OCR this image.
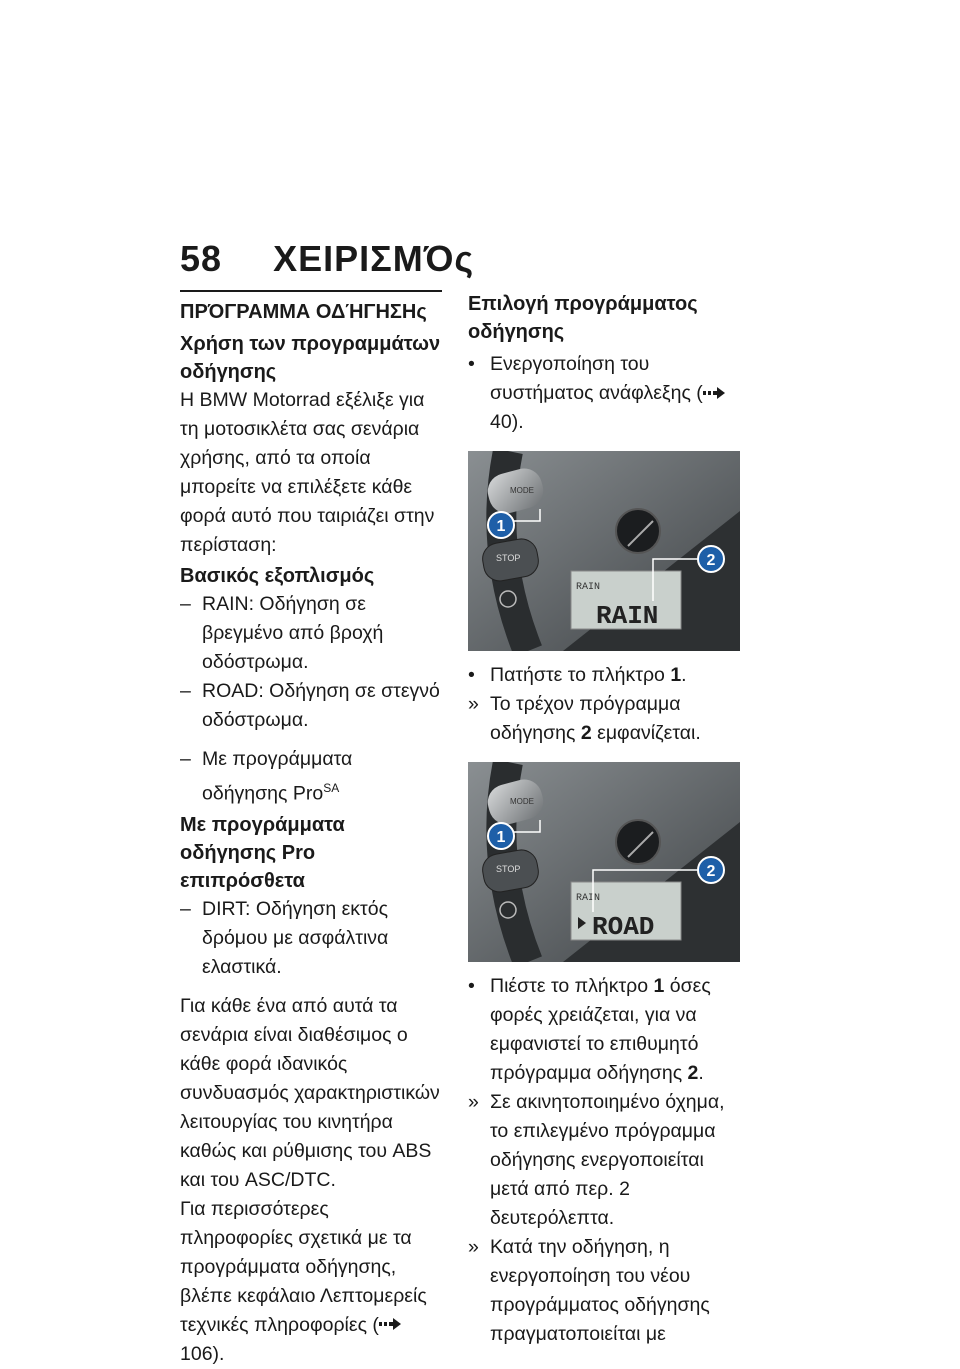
58 ΧΕΙΡΙΣΜΌς
ΠΡΌΓΡΑΜΜΑ ΟΔΉΓΗΣΗς
Χρήση των προγραμμάτων οδήγησης

Η BMW Motorrad εξέλιξε για τη μοτοσικλέτα σας σενάρια χρήσης, από τα οποία μπορείτε να επιλέξετε κάθε φορά αυτό που ταιριάζει στην περίσταση:

Βασικός εξοπλισμός
– RAIN: Οδήγηση σε βρεγμένο από βροχή οδόστρωμα.
– ROAD: Οδήγηση σε στεγνό οδόστρωμα.
– Με προγράμματα οδήγησης Pro$^{SA}$
Με προγράμματα οδήγησης Pro επιπρόσθετα
– DIRT: Οδήγηση εκτός δρόμου με ασφάλτινα ελαστικά.

Για κάθε ένα από αυτά τα σενάρια είναι διαθέσιμος ο κάθε φορά ιδανικός συνδυασμός χαρακτηριστικών λειτουργίας του κινητήρα καθώς και ρύθμισης του ABS και του ASC/DTC.

Για περισσότερες πληροφορίες σχετικά με τα προγράμματα οδήγησης, βλέπε κεφάλαιο Λεπτομερείς τεχνικές πληροφορίες ( 106).

Επιλογή προγράμματος οδήγησης
• Ενεργοποίηση του συστήματος ανάφλεξης ( 40).
MODE
STOP
RAIN
RAIN
1
2
• Πατήστε το πλήκτρο 1.
» Το τρέχον πρόγραμμα οδήγησης 2 εμφανίζεται.
MODE
STOP
RAIN
ROAD
1
2
• Πιέστε το πλήκτρο 1 όσες φορές χρειάζεται, για να εμφανιστεί το επιθυμητό πρόγραμμα οδήγησης 2.
» Σε ακινητοποιημένο όχημα, το επιλεγμένο πρόγραμμα οδήγησης ενεργοποιείται μετά από περ. 2 δευτερόλεπτα.
» Κατά την οδήγηση, η ενεργοποίηση του νέου προγράμματος οδήγησης πραγματοποιείται με
